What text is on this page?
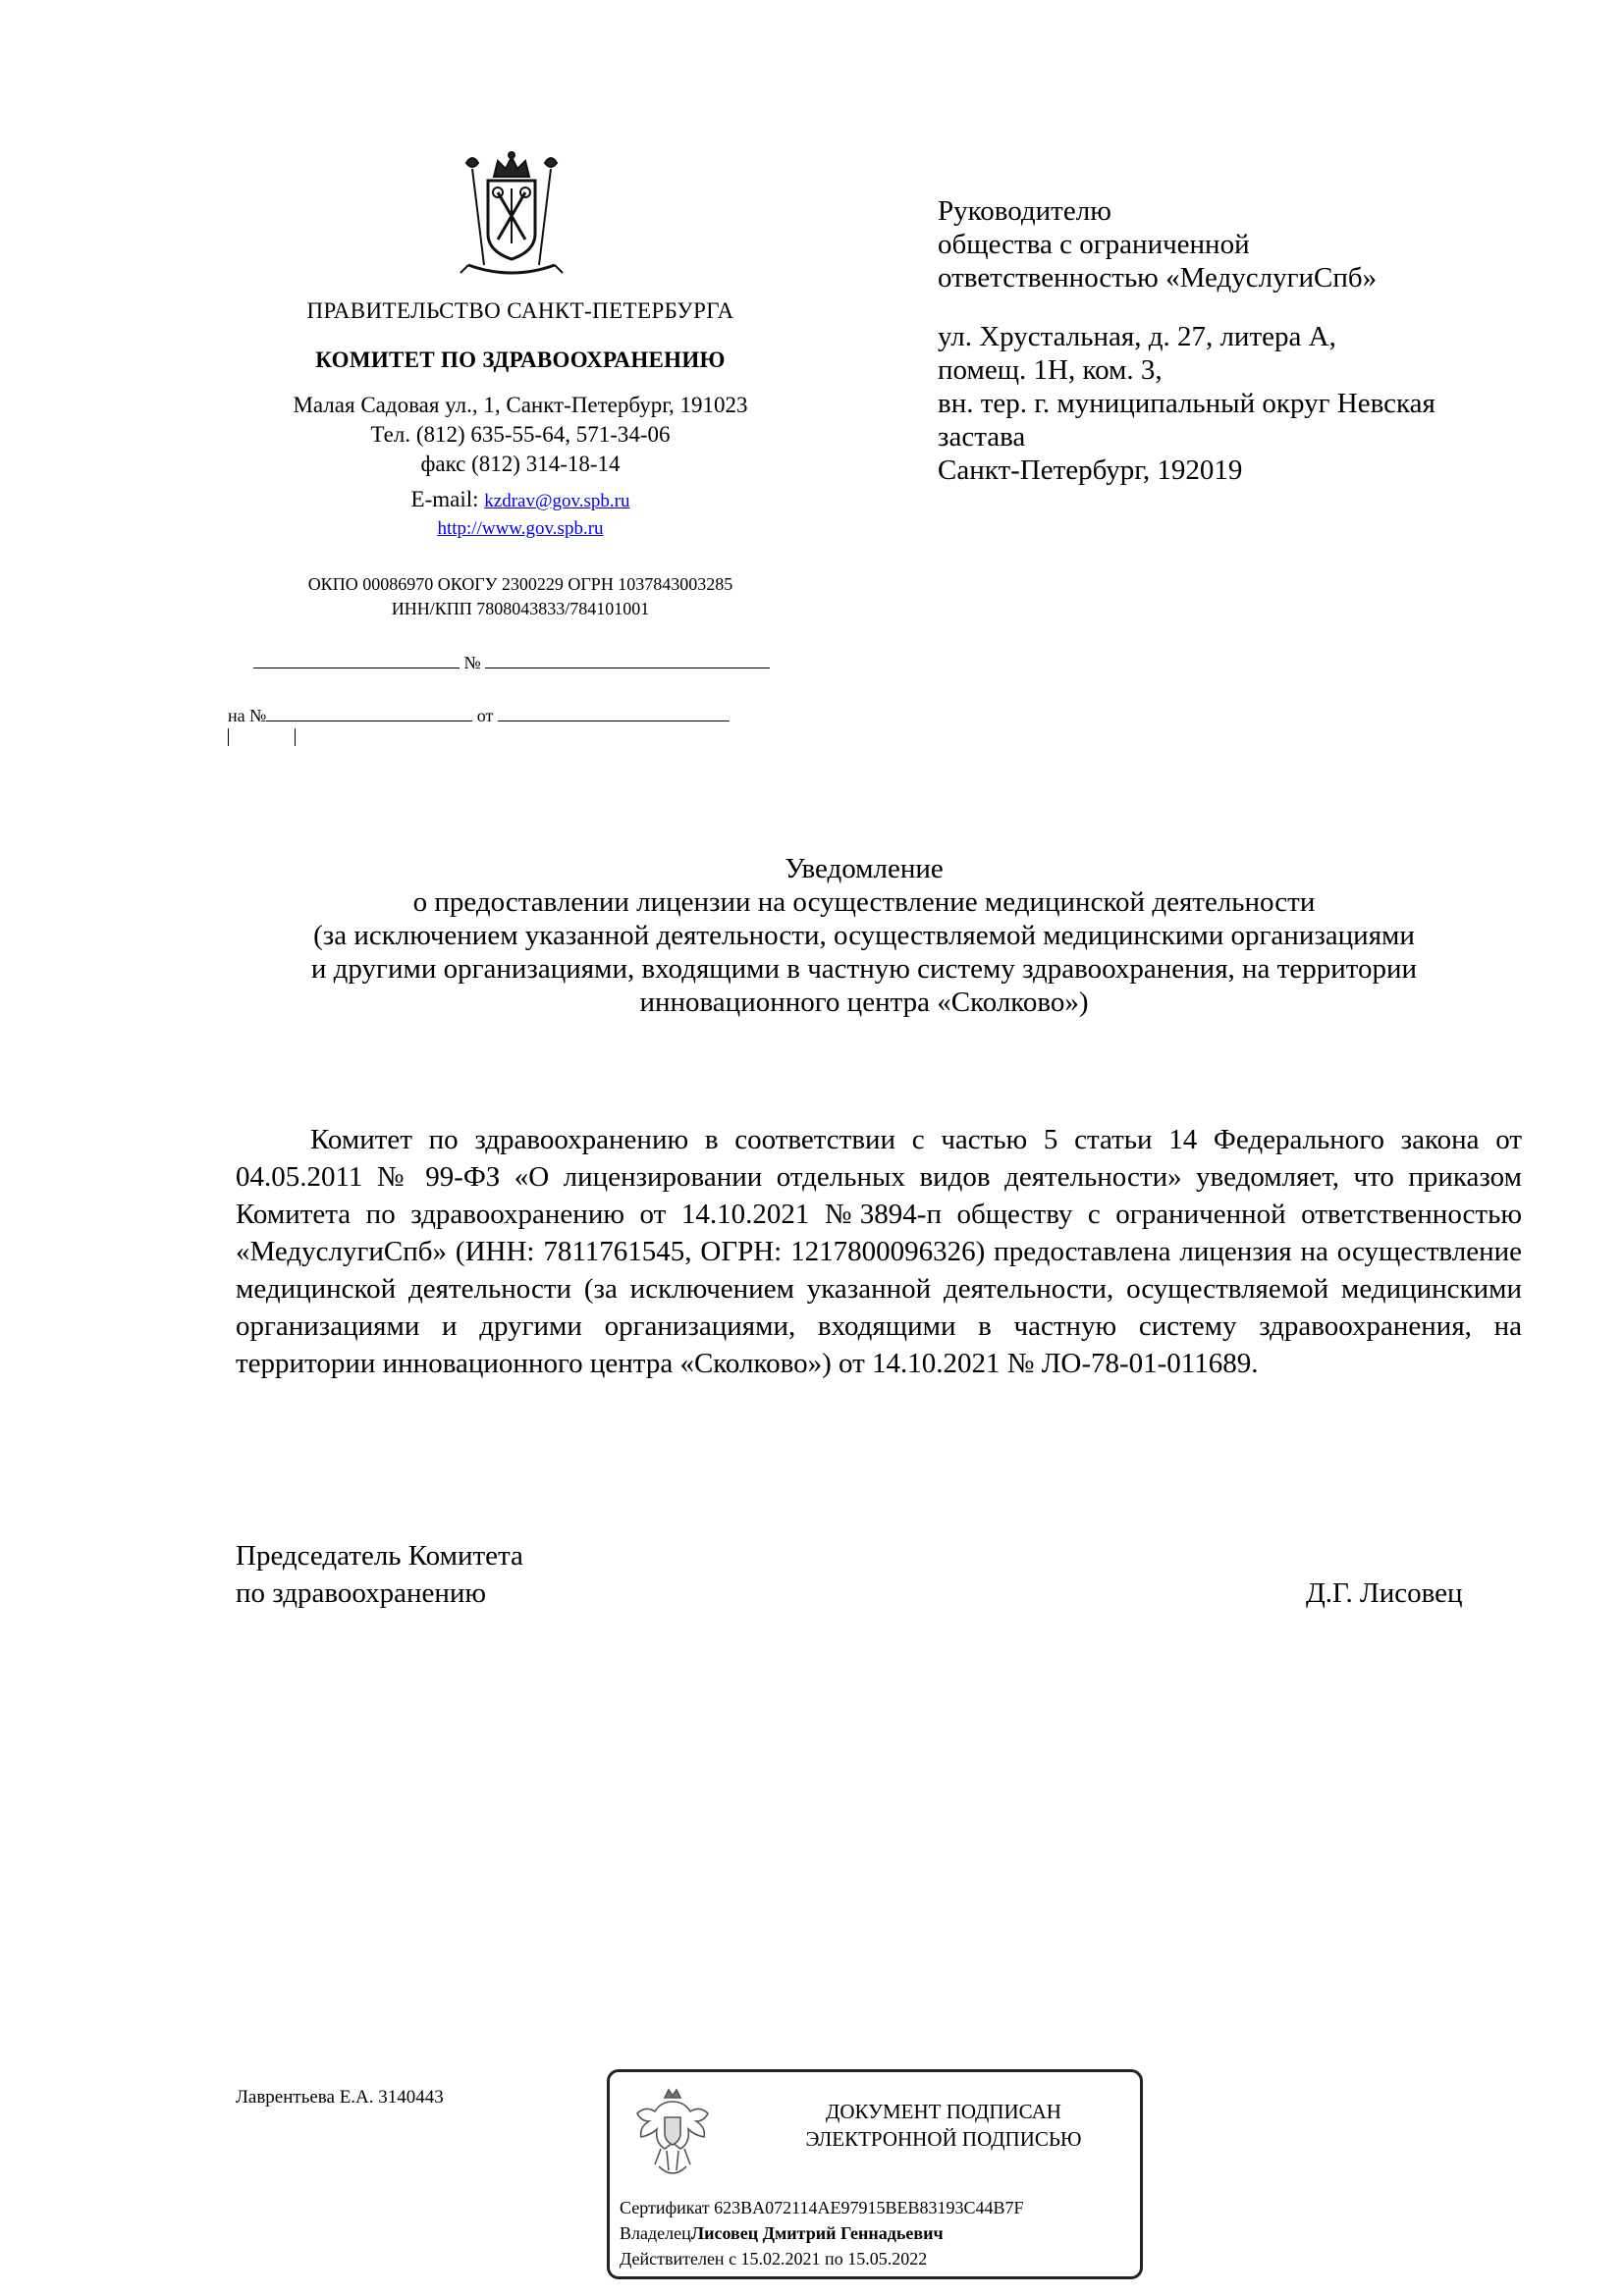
ПРАВИТЕЛЬСТВО САНКТ-ПЕТЕРБУРГА
КОМИТЕТ ПО ЗДРАВООХРАНЕНИЮ
Малая Садовая ул., 1, Санкт-Петербург, 191023
Тел. (812) 635-55-64, 571-34-06
факс (812) 314-18-14
E-mail: kzdrav@gov.spb.ru
http://www.gov.spb.ru
ОКПО 00086970 ОКОГУ 2300229 ОГРН 1037843003285
ИНН/КПП 7808043833/784101001
№
на №	от
Руководителю
общества с ограниченной
ответственностью «МедуслугиСпб»
ул. Хрустальная, д. 27, литера А,
помещ. 1Н, ком. 3,
вн. тер. г. муниципальный округ Невская
застава
Санкт-Петербург, 192019
Уведомление
о предоставлении лицензии на осуществление медицинской деятельности
(за исключением указанной деятельности, осуществляемой медицинскими организациями
и другими организациями, входящими в частную систему здравоохранения, на территории
инновационного центра «Сколково»)
Комитет по здравоохранению в соответствии с частью 5 статьи 14 Федерального закона от 04.05.2011 № 99-ФЗ «О лицензировании отдельных видов деятельности» уведомляет, что приказом Комитета по здравоохранению от 14.10.2021 №3894-п обществу с ограниченной ответственностью «МедуслугиСпб» (ИНН: 7811761545, ОГРН: 1217800096326) предоставлена лицензия на осуществление медицинской деятельности (за исключением указанной деятельности, осуществляемой медицинскими организациями и другими организациями, входящими в частную систему здравоохранения, на территории инновационного центра «Сколково») от 14.10.2021 № ЛО-78-01-011689.
Председатель Комитета
по здравоохранению	Д.Г. Лисовец
Лаврентьева Е.А. 3140443
ДОКУМЕНТ ПОДПИСАН
ЭЛЕКТРОННОЙ ПОДПИСЬЮ
Сертификат 623BA072114AE97915BEB83193C44B7F
ВладелецЛисовец Дмитрий Геннадьевич
Действителен с 15.02.2021 по 15.05.2022
